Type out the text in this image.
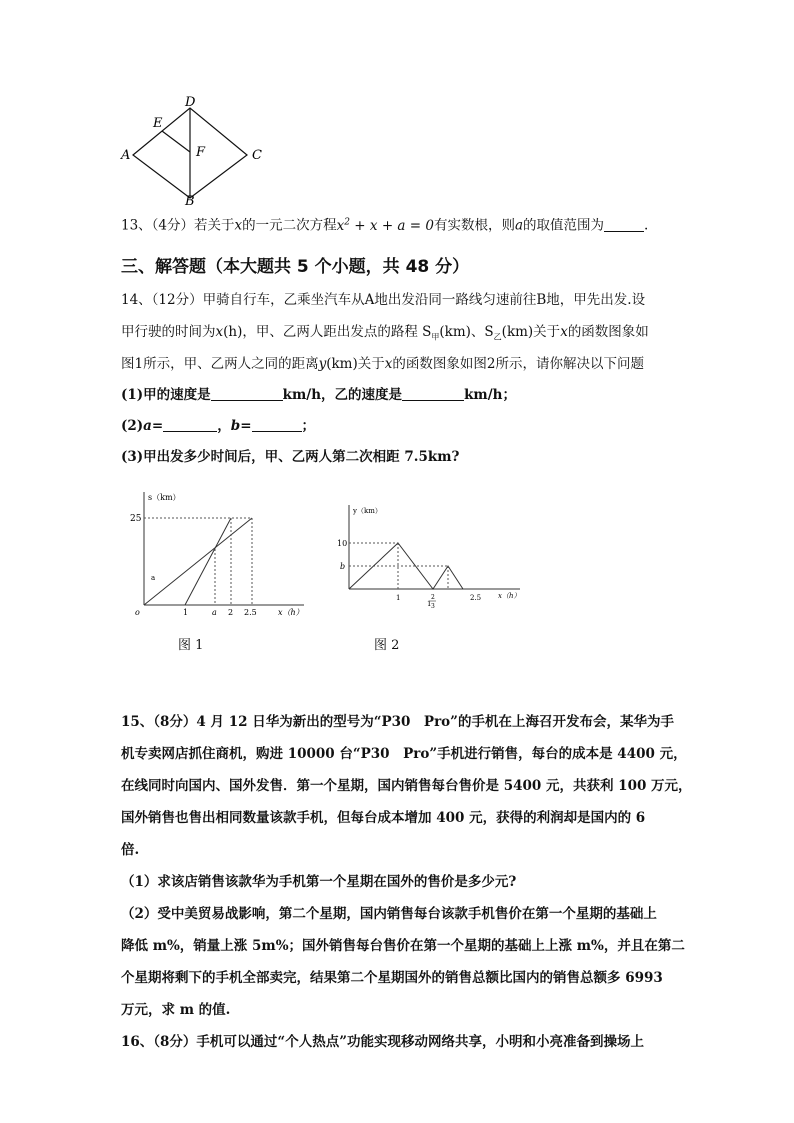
A
B
C
D
E
F
13、（4分）若关于x的一元二次方程$x^2 + x + a = 0$有实数根，则a的取值范围为	.
三、解答题（本大题共 5 个小题，共 48 分）
14、（12分）甲骑自行车，乙乘坐汽车从A地出发沿同一路线匀速前往B地，甲先出发.设
甲行驶的时间为x(h)，甲、乙两人距出发点的路程 $S_甲(km)$、$S_乙(km)$关于x的函数图象如
图1所示，甲、乙两人之同的距离y(km)关于x的函数图象如图2所示，请你解决以下问题
(1)甲的速度是	km/h，乙的速度是	km/h；
(2)a=	，b=	；
(3)甲出发多少时间后，甲、乙两人第二次相距 7.5km?
s（km）
x（h）
25
o	1	a 2 2.5
a
图 1
y（km）
x（h）
10
b
1
1
2
3
2.5
图 2
15、（8分）4 月 12 日华为新出的型号为“P30　Pro”的手机在上海召开发布会，某华为手
机专卖网店抓住商机，购进 10000 台“P30　Pro”手机进行销售，每台的成本是 4400 元，
在线同时向国内、国外发售．第一个星期，国内销售每台售价是 5400 元，共获利 100 万元，
国外销售也售出相同数量该款手机，但每台成本增加 400 元，获得的利润却是国内的 6
倍.
（1）求该店销售该款华为手机第一个星期在国外的售价是多少元?
（2）受中美贸易战影响，第二个星期，国内销售每台该款手机售价在第一个星期的基础上
降低 m%，销量上涨 5m%；国外销售每台售价在第一个星期的基础上上涨 m%，并且在第二
个星期将剩下的手机全部卖完，结果第二个星期国外的销售总额比国内的销售总额多 6993
万元，求 m 的值.
16、（8分）手机可以通过“个人热点”功能实现移动网络共享，小明和小亮准备到操场上
